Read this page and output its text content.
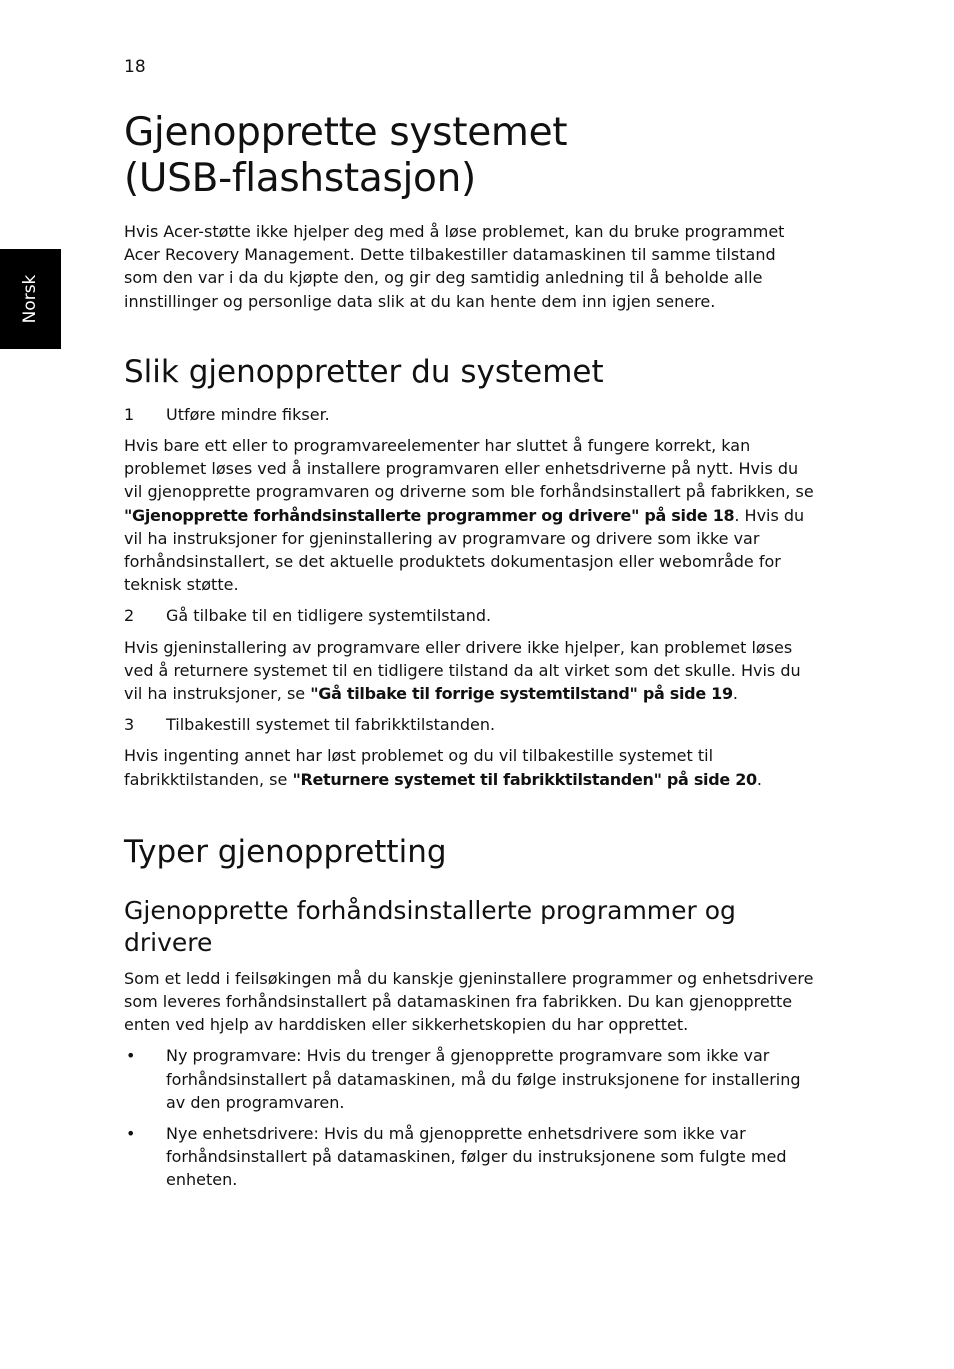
18
Norsk
Gjenopprette systemet
(USB-flashstasjon)

Hvis Acer-støtte ikke hjelper deg med å løse problemet, kan du bruke programmet Acer Recovery Management. Dette tilbakestiller datamaskinen til samme tilstand som den var i da du kjøpte den, og gir deg samtidig anledning til å beholde alle innstillinger og personlige data slik at du kan hente dem inn igjen senere.

Slik gjenoppretter du systemet
1	Utføre mindre fikser.

Hvis bare ett eller to programvareelementer har sluttet å fungere korrekt, kan problemet løses ved å installere programvaren eller enhetsdriverne på nytt. Hvis du vil gjenopprette programvaren og driverne som ble forhåndsinstallert på fabrikken, se "Gjenopprette forhåndsinstallerte programmer og drivere" på side 18. Hvis du vil ha instruksjoner for gjeninstallering av programvare og drivere som ikke var forhåndsinstallert, se det aktuelle produktets dokumentasjon eller webområde for teknisk støtte.

2	Gå tilbake til en tidligere systemtilstand.

Hvis gjeninstallering av programvare eller drivere ikke hjelper, kan problemet løses ved å returnere systemet til en tidligere tilstand da alt virket som det skulle. Hvis du vil ha instruksjoner, se "Gå tilbake til forrige systemtilstand" på side 19.

3	Tilbakestill systemet til fabrikktilstanden.

Hvis ingenting annet har løst problemet og du vil tilbakestille systemet til fabrikktilstanden, se "Returnere systemet til fabrikktilstanden" på side 20.

Typer gjenoppretting
Gjenopprette forhåndsinstallerte programmer og drivere

Som et ledd i feilsøkingen må du kanskje gjeninstallere programmer og enhetsdrivere som leveres forhåndsinstallert på datamaskinen fra fabrikken. Du kan gjenopprette enten ved hjelp av harddisken eller sikkerhetskopien du har opprettet.

•	Ny programvare: Hvis du trenger å gjenopprette programvare som ikke var forhåndsinstallert på datamaskinen, må du følge instruksjonene for installering av den programvaren.
•	Nye enhetsdrivere: Hvis du må gjenopprette enhetsdrivere som ikke var forhåndsinstallert på datamaskinen, følger du instruksjonene som fulgte med enheten.
